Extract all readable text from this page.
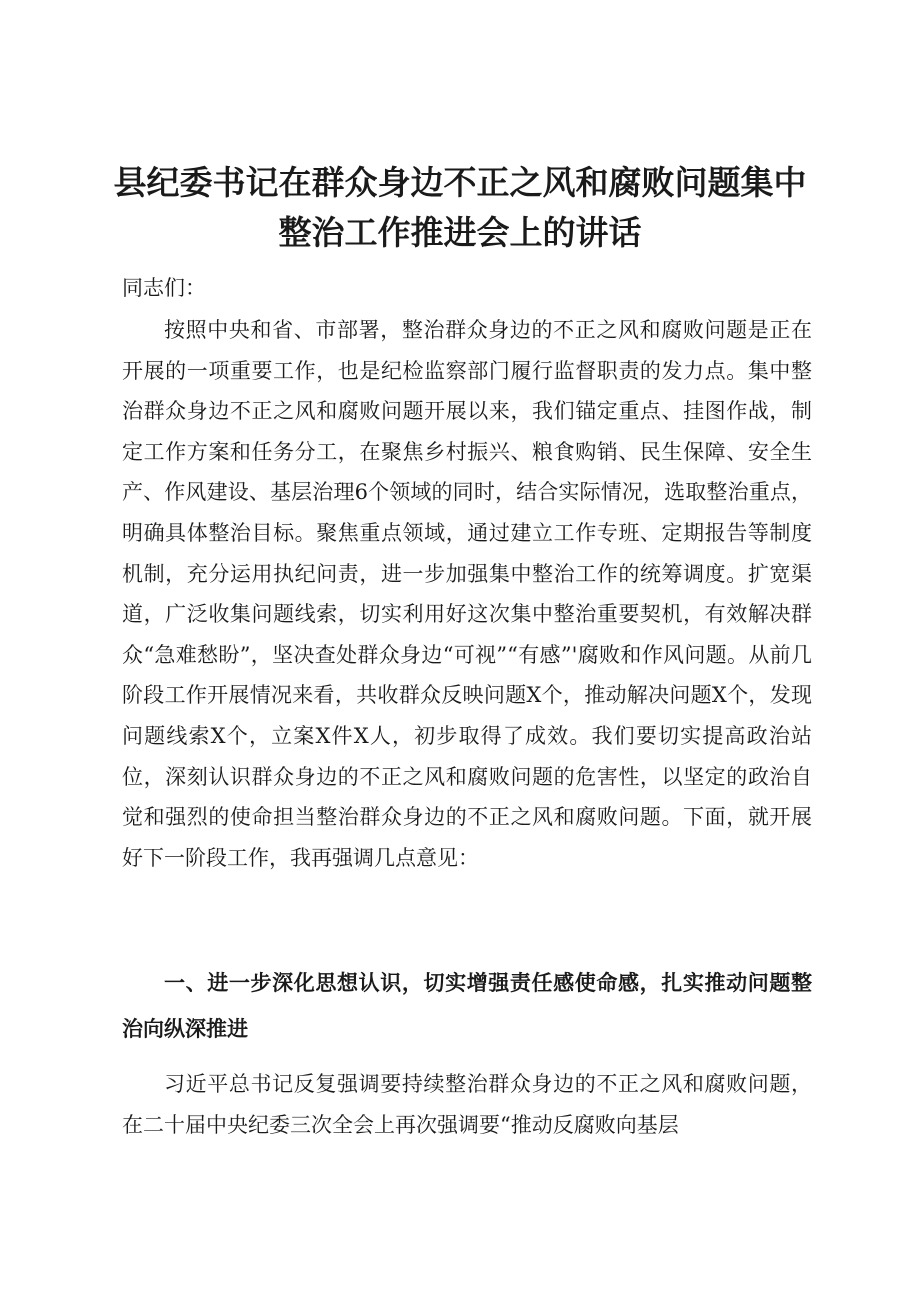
县纪委书记在群众身边不正之风和腐败问题集中整治工作推进会上的讲话

同志们：

按照中央和省、市部署，整治群众身边的不正之风和腐败问题是正在开展的一项重要工作，也是纪检监察部门履行监督职责的发力点。集中整治群众身边不正之风和腐败问题开展以来，我们锚定重点、挂图作战，制定工作方案和任务分工，在聚焦乡村振兴、粮食购销、民生保障、安全生产、作风建设、基层治理6个领域的同时，结合实际情况，选取整治重点，明确具体整治目标。聚焦重点领域，通过建立工作专班、定期报告等制度机制，充分运用执纪问责，进一步加强集中整治工作的统筹调度。扩宽渠道，广泛收集问题线索，切实利用好这次集中整治重要契机，有效解决群众“急难愁盼”，坚决查处群众身边“可视”“有感”'腐败和作风问题。从前几阶段工作开展情况来看，共收群众反映问题X个，推动解决问题X个，发现问题线索X个，立案X件X人，初步取得了成效。我们要切实提高政治站位，深刻认识群众身边的不正之风和腐败问题的危害性，以坚定的政治自觉和强烈的使命担当整治群众身边的不正之风和腐败问题。下面，就开展好下一阶段工作，我再强调几点意见：

一、进一步深化思想认识，切实增强责任感使命感，扎实推动问题整治向纵深推进

习近平总书记反复强调要持续整治群众身边的不正之风和腐败问题，在二十届中央纪委三次全会上再次强调要“推动反腐败向基层
